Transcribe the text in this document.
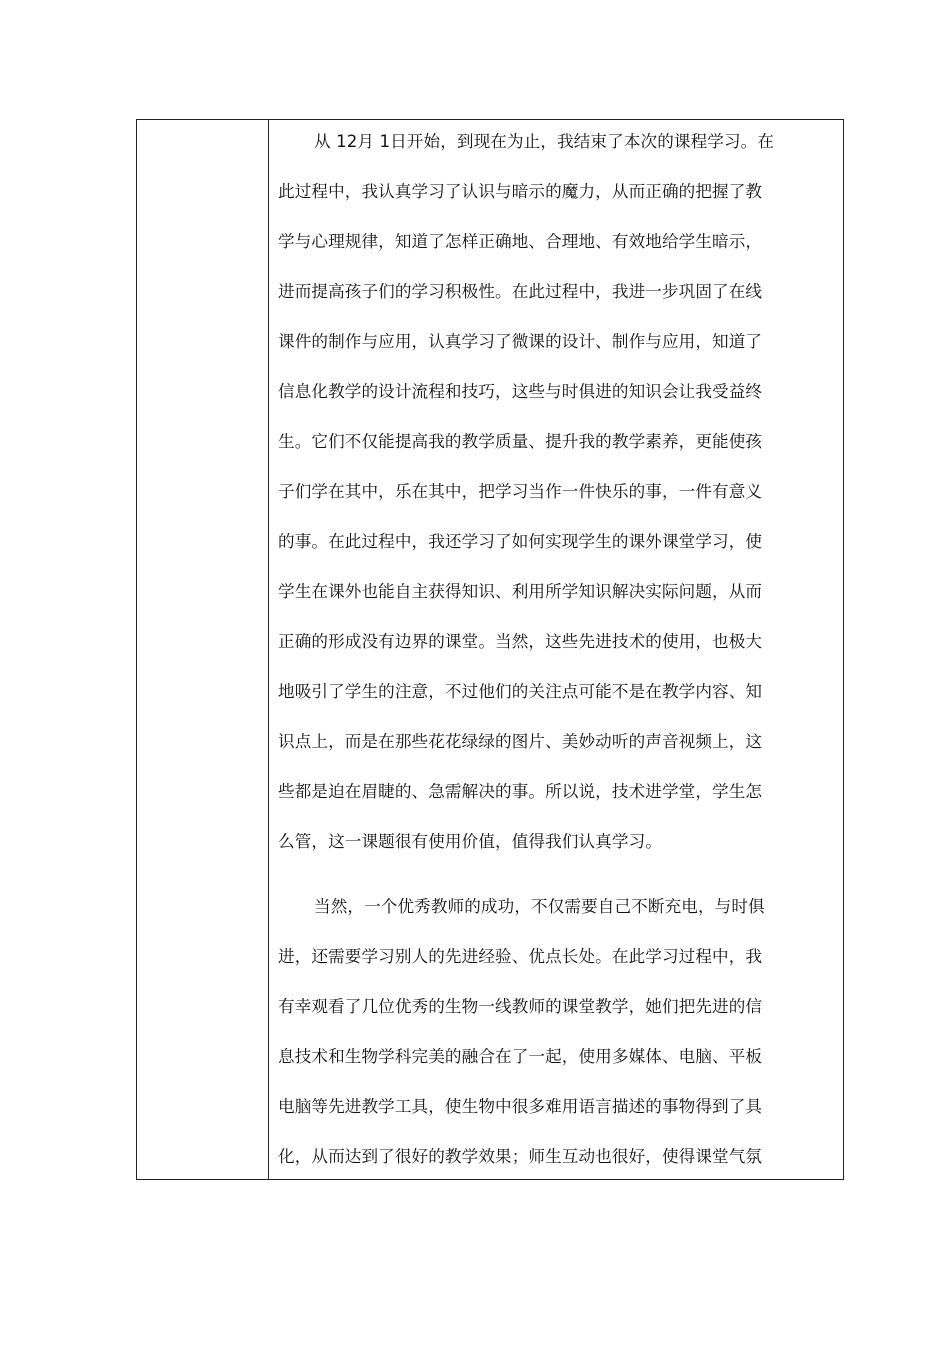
从 12月 1日开始，到现在为止，我结束了本次的课程学习。在
此过程中，我认真学习了认识与暗示的魔力，从而正确的把握了教
学与心理规律，知道了怎样正确地、合理地、有效地给学生暗示，
进而提高孩子们的学习积极性。在此过程中，我进一步巩固了在线
课件的制作与应用，认真学习了微课的设计、制作与应用，知道了
信息化教学的设计流程和技巧，这些与时俱进的知识会让我受益终
生。它们不仅能提高我的教学质量、提升我的教学素养，更能使孩
子们学在其中，乐在其中，把学习当作一件快乐的事，一件有意义
的事。在此过程中，我还学习了如何实现学生的课外课堂学习，使
学生在课外也能自主获得知识、利用所学知识解决实际问题，从而
正确的形成没有边界的课堂。当然，这些先进技术的使用，也极大
地吸引了学生的注意，不过他们的关注点可能不是在教学内容、知
识点上，而是在那些花花绿绿的图片、美妙动听的声音视频上，这
些都是迫在眉睫的、急需解决的事。所以说，技术进学堂，学生怎
么管，这一课题很有使用价值，值得我们认真学习。
当然，一个优秀教师的成功，不仅需要自己不断充电，与时俱
进，还需要学习别人的先进经验、优点长处。在此学习过程中，我
有幸观看了几位优秀的生物一线教师的课堂教学，她们把先进的信
息技术和生物学科完美的融合在了一起，使用多媒体、电脑、平板
电脑等先进教学工具，使生物中很多难用语言描述的事物得到了具
化，从而达到了很好的教学效果；师生互动也很好，使得课堂气氛
